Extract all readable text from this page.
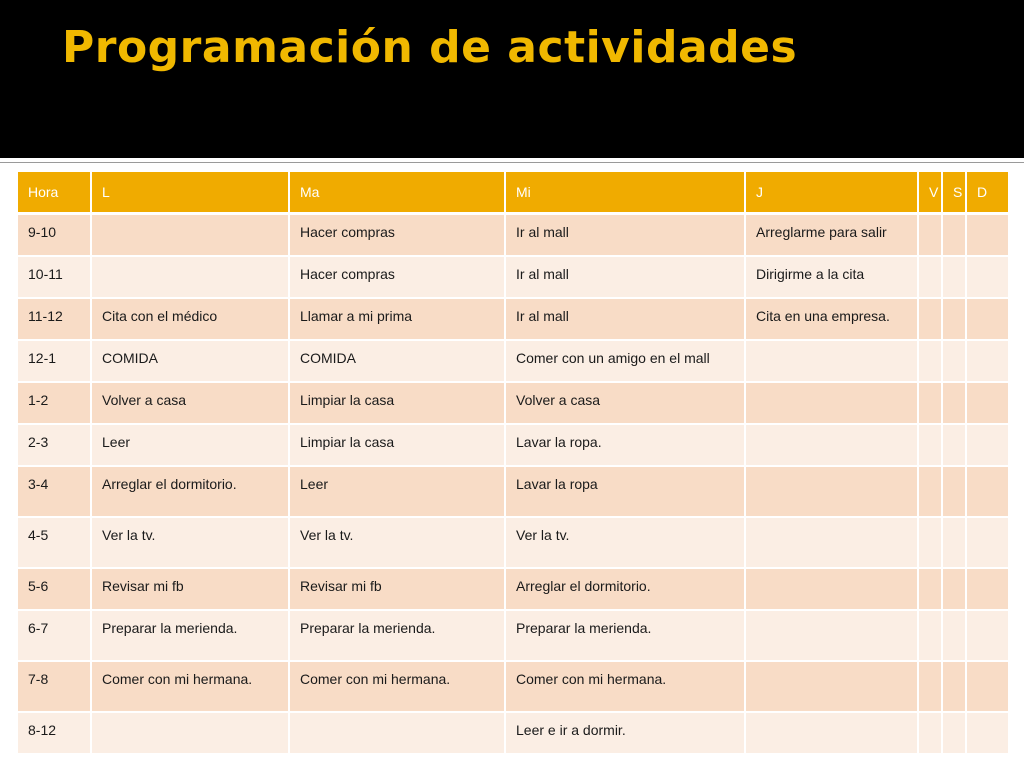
Programación de actividades
Hora	L	Ma	Mi	J	V	S	D
9-10		Hacer compras	Ir al mall	Arreglarme para salir			
10-11		Hacer compras	Ir al mall	Dirigirme a la cita			
11-12	Cita con el médico	Llamar a mi prima	Ir al mall	Cita en una empresa.			
12-1	COMIDA	COMIDA	Comer con un amigo en el mall				
1-2	Volver a casa	Limpiar la casa	Volver a casa				
2-3	Leer	Limpiar la casa	Lavar la ropa.				
3-4	Arreglar el dormitorio.	Leer	Lavar la ropa				
4-5	Ver la tv.	Ver la tv.	Ver la tv.				
5-6	Revisar mi fb	Revisar mi fb	Arreglar el dormitorio.				
6-7	Preparar la merienda.	Preparar la merienda.	Preparar la merienda.				
7-8	Comer con mi hermana.	Comer con mi hermana.	Comer con mi hermana.				
8-12			Leer e ir a dormir.				
